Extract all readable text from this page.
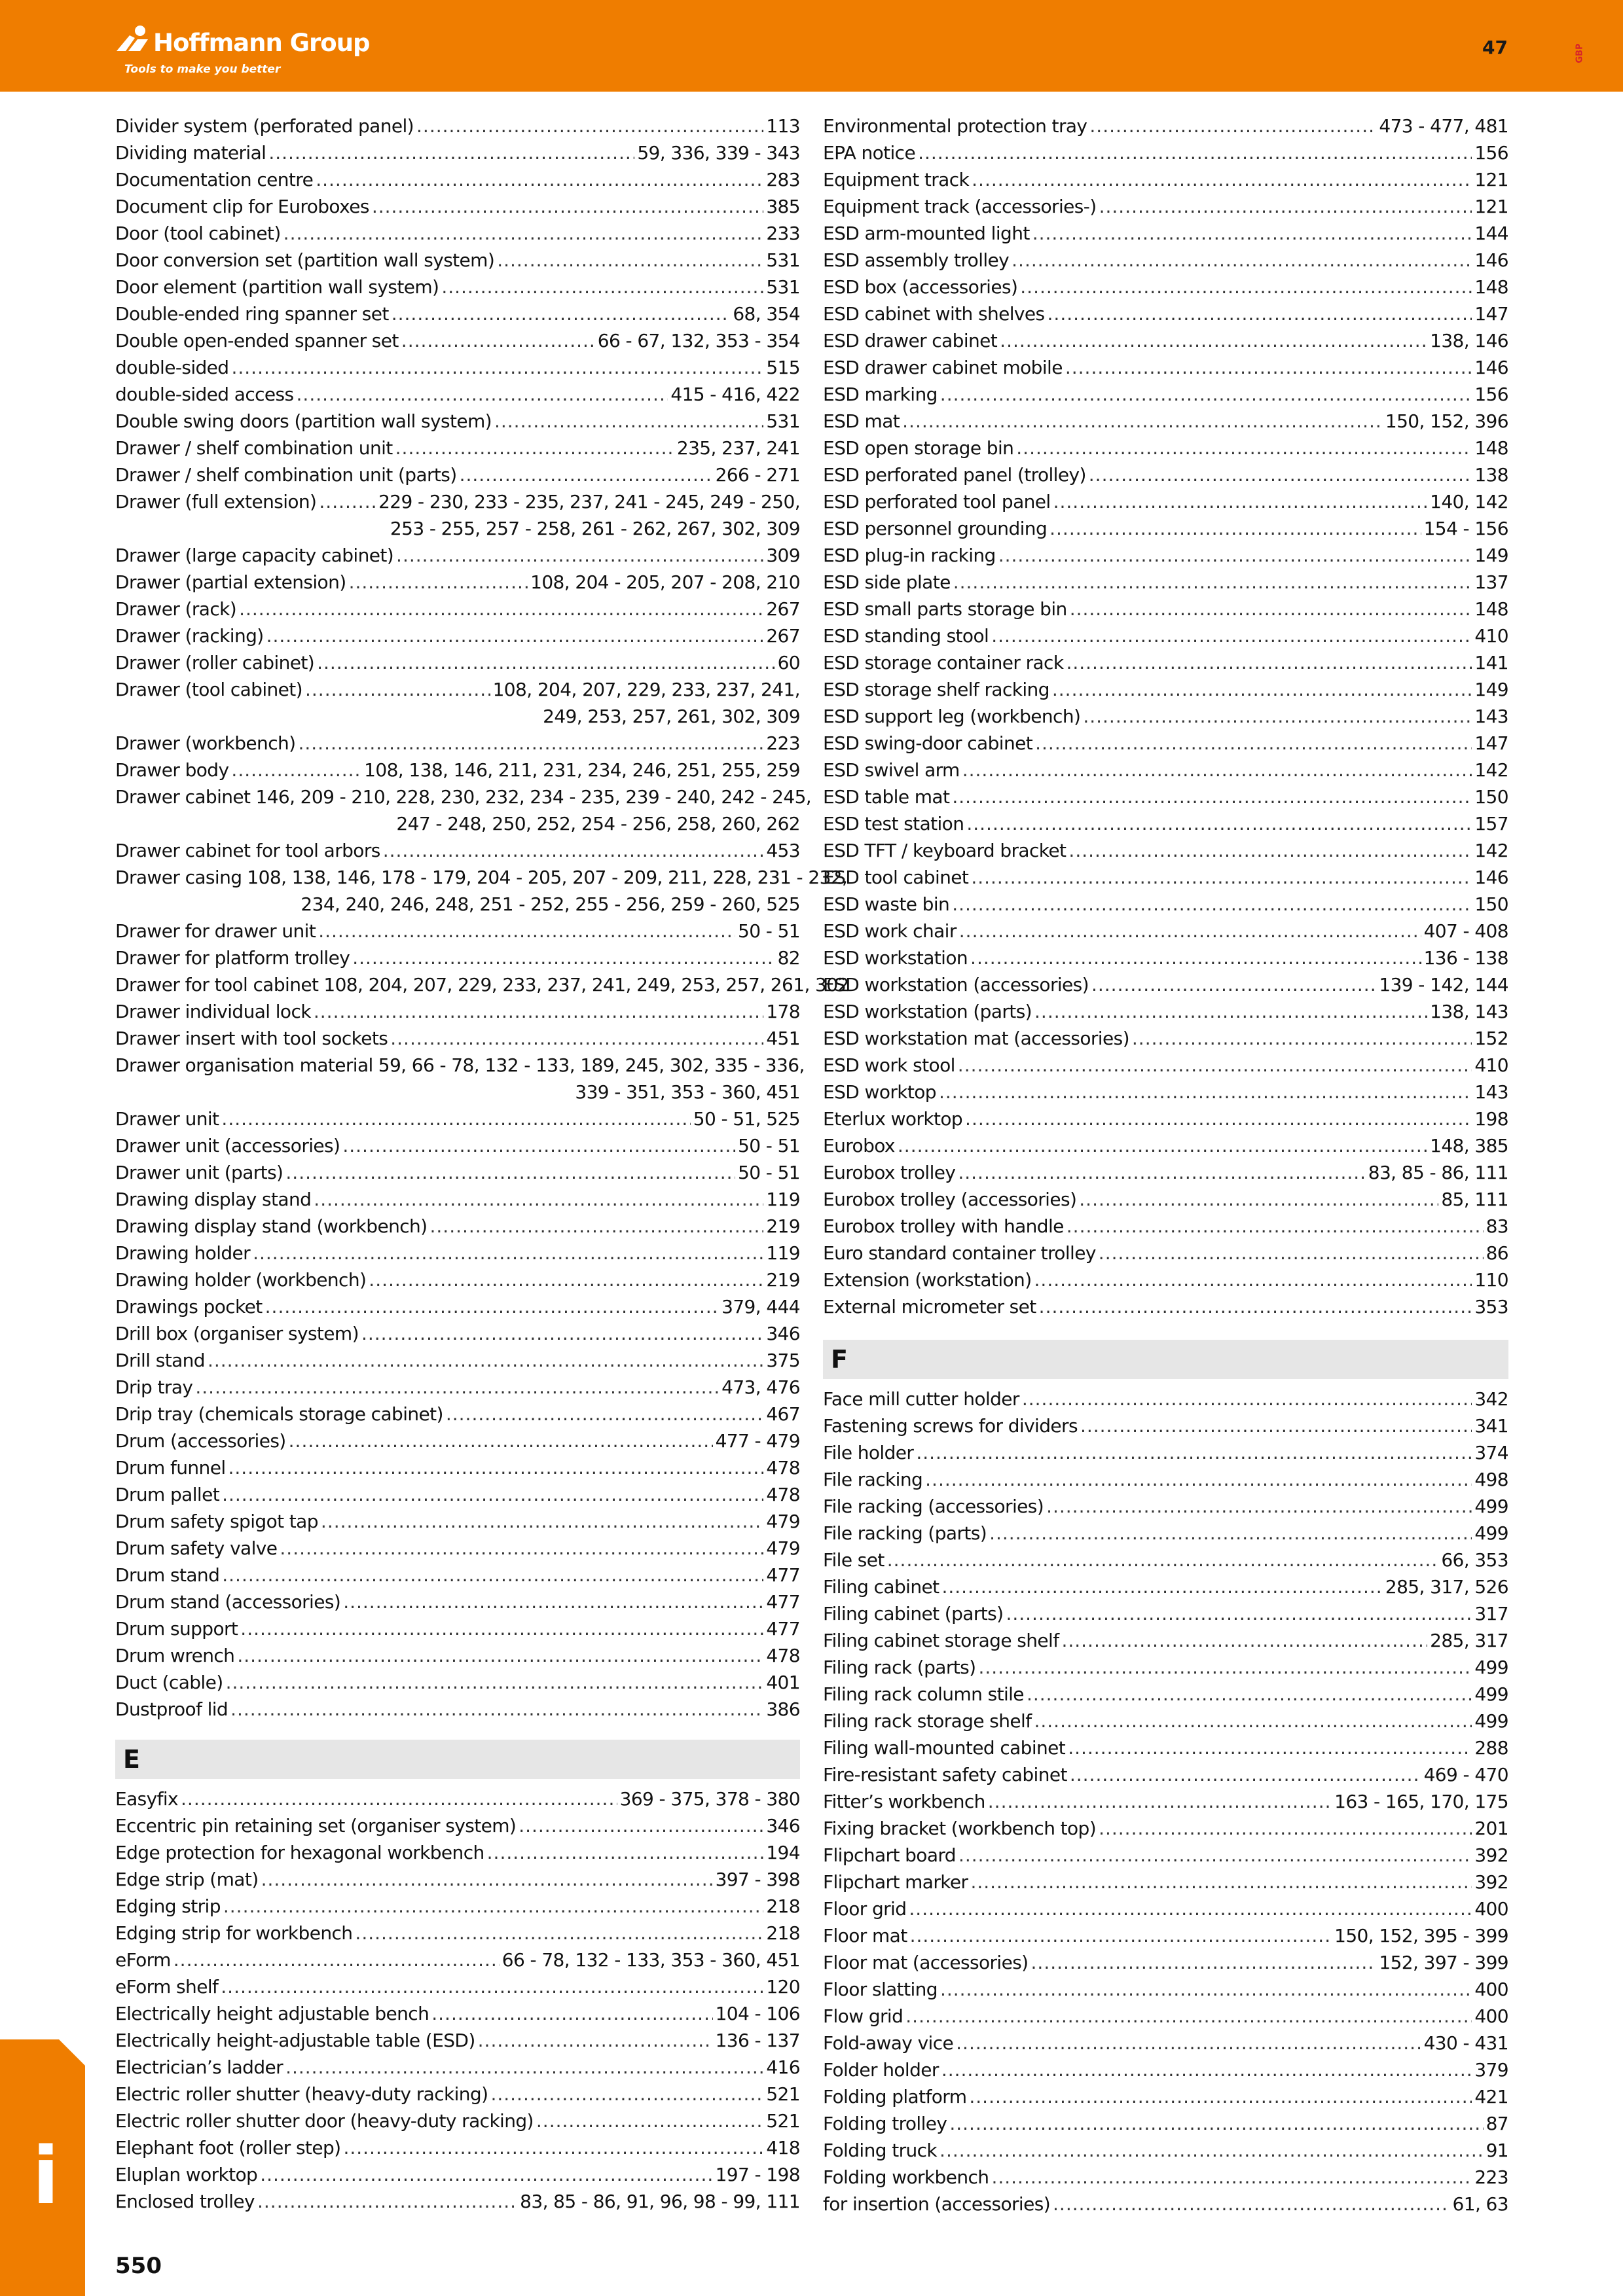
Hoffmann Group
Tools to make you better
47	GBP
Divider system (perforated panel) .....	113
Dividing material .....	59, 336, 339 - 343
Documentation centre .....	283
Document clip for Euroboxes .....	385
Door (tool cabinet) .....	233
Door conversion set (partition wall system) .....	531
Door element (partition wall system) .....	531
Double-ended ring spanner set .....	68, 354
Double open-ended spanner set .....	66 - 67, 132, 353 - 354
double-sided .....	515
double-sided access .....	415 - 416, 422
Double swing doors (partition wall system) .....	531
Drawer / shelf combination unit .....	235, 237, 241
Drawer / shelf combination unit (parts) .....	266 - 271
Drawer (full extension) .....	229 - 230, 233 - 235, 237, 241 - 245, 249 - 250,
253 - 255, 257 - 258, 261 - 262, 267, 302, 309
Drawer (large capacity cabinet) .....	309
Drawer (partial extension) .....	108, 204 - 205, 207 - 208, 210
Drawer (rack) .....	267
Drawer (racking) .....	267
Drawer (roller cabinet) .....	60
Drawer (tool cabinet) .....	108, 204, 207, 229, 233, 237, 241,
249, 253, 257, 261, 302, 309
Drawer (workbench) .....	223
Drawer body .....	108, 138, 146, 211, 231, 234, 246, 251, 255, 259
Drawer cabinet 146, 209 - 210, 228, 230, 232, 234 - 235, 239 - 240, 242 - 245,
247 - 248, 250, 252, 254 - 256, 258, 260, 262
Drawer cabinet for tool arbors .....	453
Drawer casing 108, 138, 146, 178 - 179, 204 - 205, 207 - 209, 211, 228, 231 - 232,
234, 240, 246, 248, 251 - 252, 255 - 256, 259 - 260, 525
Drawer for drawer unit .....	50 - 51
Drawer for platform trolley .....	82
Drawer for tool cabinet 108, 204, 207, 229, 233, 237, 241, 249, 253, 257, 261, 302
Drawer individual lock .....	178
Drawer insert with tool sockets .....	451
Drawer organisation material 59, 66 - 78, 132 - 133, 189, 245, 302, 335 - 336,
339 - 351, 353 - 360, 451
Drawer unit .....	50 - 51, 525
Drawer unit (accessories) .....	50 - 51
Drawer unit (parts) .....	50 - 51
Drawing display stand .....	119
Drawing display stand (workbench) .....	219
Drawing holder .....	119
Drawing holder (workbench) .....	219
Drawings pocket .....	379, 444
Drill box (organiser system) .....	346
Drill stand .....	375
Drip tray .....	473, 476
Drip tray (chemicals storage cabinet) .....	467
Drum (accessories) .....	477 - 479
Drum funnel .....	478
Drum pallet .....	478
Drum safety spigot tap .....	479
Drum safety valve .....	479
Drum stand .....	477
Drum stand (accessories) .....	477
Drum support .....	477
Drum wrench .....	478
Duct (cable) .....	401
Dustproof lid .....	386
E
Easyfix .....	369 - 375, 378 - 380
Eccentric pin retaining set (organiser system) .....	346
Edge protection for hexagonal workbench .....	194
Edge strip (mat) .....	397 - 398
Edging strip .....	218
Edging strip for workbench .....	218
eForm .....	66 - 78, 132 - 133, 353 - 360, 451
eForm shelf .....	120
Electrically height adjustable bench .....	104 - 106
Electrically height-adjustable table (ESD) .....	136 - 137
Electrician’s ladder .....	416
Electric roller shutter (heavy-duty racking) .....	521
Electric roller shutter door (heavy-duty racking) .....	521
Elephant foot (roller step) .....	418
Eluplan worktop .....	197 - 198
Enclosed trolley .....	83, 85 - 86, 91, 96, 98 - 99, 111
Environmental protection tray .....	473 - 477, 481
EPA notice .....	156
Equipment track .....	121
Equipment track (accessories-) .....	121
ESD arm-mounted light .....	144
ESD assembly trolley .....	146
ESD box (accessories) .....	148
ESD cabinet with shelves .....	147
ESD drawer cabinet .....	138, 146
ESD drawer cabinet mobile .....	146
ESD marking .....	156
ESD mat .....	150, 152, 396
ESD open storage bin .....	148
ESD perforated panel (trolley) .....	138
ESD perforated tool panel .....	140, 142
ESD personnel grounding .....	154 - 156
ESD plug-in racking .....	149
ESD side plate .....	137
ESD small parts storage bin .....	148
ESD standing stool .....	410
ESD storage container rack .....	141
ESD storage shelf racking .....	149
ESD support leg (workbench) .....	143
ESD swing-door cabinet .....	147
ESD swivel arm .....	142
ESD table mat .....	150
ESD test station .....	157
ESD TFT / keyboard bracket .....	142
ESD tool cabinet .....	146
ESD waste bin .....	150
ESD work chair .....	407 - 408
ESD workstation .....	136 - 138
ESD workstation (accessories) .....	139 - 142, 144
ESD workstation (parts) .....	138, 143
ESD workstation mat (accessories) .....	152
ESD work stool .....	410
ESD worktop .....	143
Eterlux worktop .....	198
Eurobox .....	148, 385
Eurobox trolley .....	83, 85 - 86, 111
Eurobox trolley (accessories) .....	85, 111
Eurobox trolley with handle .....	83
Euro standard container trolley .....	86
Extension (workstation) .....	110
External micrometer set .....	353
F
Face mill cutter holder .....	342
Fastening screws for dividers .....	341
File holder .....	374
File racking .....	498
File racking (accessories) .....	499
File racking (parts) .....	499
File set .....	66, 353
Filing cabinet .....	285, 317, 526
Filing cabinet (parts) .....	317
Filing cabinet storage shelf .....	285, 317
Filing rack (parts) .....	499
Filing rack column stile .....	499
Filing rack storage shelf .....	499
Filing wall-mounted cabinet .....	288
Fire-resistant safety cabinet .....	469 - 470
Fitter’s workbench .....	163 - 165, 170, 175
Fixing bracket (workbench top) .....	201
Flipchart board .....	392
Flipchart marker .....	392
Floor grid .....	400
Floor mat .....	150, 152, 395 - 399
Floor mat (accessories) .....	152, 397 - 399
Floor slatting .....	400
Flow grid .....	400
Fold-away vice .....	430 - 431
Folder holder .....	379
Folding platform .....	421
Folding trolley .....	87
Folding truck .....	91
Folding workbench .....	223
for insertion (accessories) .....	61, 63
i
550
